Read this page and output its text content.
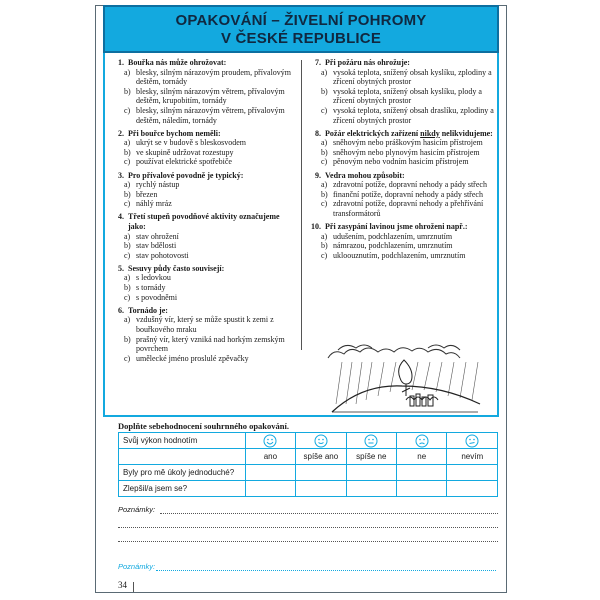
OPAKOVÁNÍ – ŽIVELNÍ POHROMY
V ČESKÉ REPUBLICE
1. Bouřka nás může ohrožovat:
a) blesky, silným nárazovým proudem, přívalovým deštěm, tornády
b) blesky, silným nárazovým větrem, přívalovým deštěm, krupobitím, tornády
c) blesky, silným nárazovým větrem, přívalovým deštěm, náledím, tornády
2. Při bouřce bychom neměli:
a) ukrýt se v budově s bleskosvodem
b) ve skupině udržovat rozestupy
c) používat elektrické spotřebiče
3. Pro přívalové povodně je typický:
a) rychlý nástup
b) březen
c) náhlý mráz
4. Třetí stupeň povodňové aktivity označujeme jako:
a) stav ohrožení
b) stav bdělosti
c) stav pohotovosti
5. Sesuvy půdy často souvisejí:
a) s ledovkou
b) s tornády
c) s povodněmi
6. Tornádo je:
a) vzdušný vír, který se může spustit k zemi z bouřkového mraku
b) prašný vír, který vzniká nad horkým zemským povrchem
c) umělecké jméno proslulé zpěvačky
7. Při požáru nás ohrožuje:
a) vysoká teplota, snížený obsah kyslíku, zplodiny a zřícení obytných prostor
b) vysoká teplota, snížený obsah kyslíku, plody a zřícení obytných prostor
c) vysoká teplota, snížený obsah draslíku, zplodiny a zřícení obytných prostor
8. Požár elektrických zařízení nikdy nelikvidujeme:
a) sněhovým nebo práškovým hasicím přístrojem
b) sněhovým nebo plynovým hasicím přístrojem
c) pěnovým nebo vodním hasicím přístrojem
9. Vedra mohou způsobit:
a) zdravotní potíže, dopravní nehody a pády střech
b) finanční potíže, dopravní nehody a pády střech
c) zdravotní potíže, dopravní nehody a přehřívání transformátorů
10. Při zasypání lavinou jsme ohroženi např.:
a) udušením, podchlazením, umrznutím
b) námrazou, podchlazením, umrznutím
c) ukloouznutím, podchlazením, umrznutím
Doplňte sebehodnocení souhrnného opakování.
Svůj výkon hodnotím	

	ano	spíše ano	spíše ne	ne	nevím
Byly pro mě úkoly jednoduché?					
Zlepšil/a jsem se?					
Poznámky:
Poznámky:
34
